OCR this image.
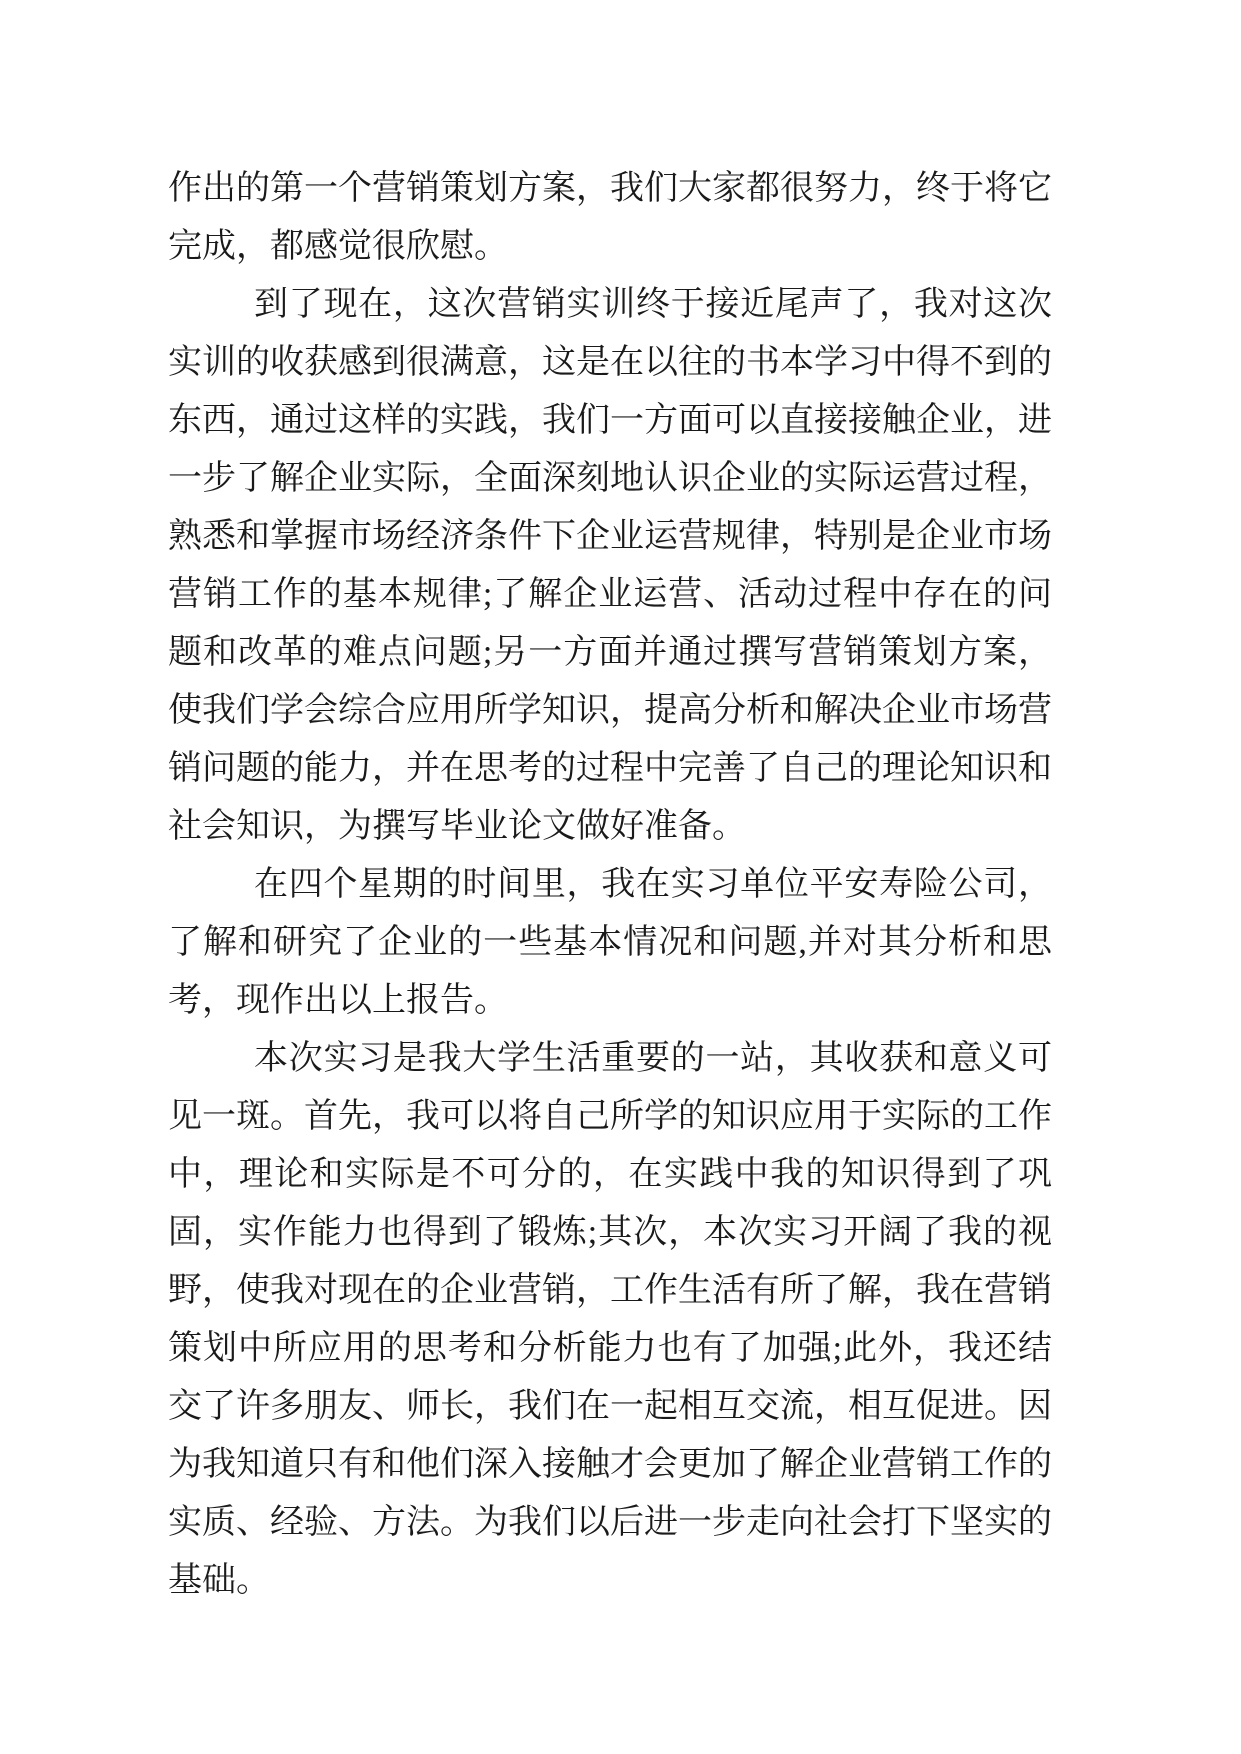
作出的第一个营销策划方案，我们大家都很努力，终于将它完成，都感觉很欣慰。

到了现在，这次营销实训终于接近尾声了，我对这次实训的收获感到很满意，这是在以往的书本学习中得不到的东西，通过这样的实践，我们一方面可以直接接触企业，进一步了解企业实际，全面深刻地认识企业的实际运营过程，熟悉和掌握市场经济条件下企业运营规律，特别是企业市场营销工作的基本规律;了解企业运营、活动过程中存在的问题和改革的难点问题;另一方面并通过撰写营销策划方案，使我们学会综合应用所学知识，提高分析和解决企业市场营销问题的能力，并在思考的过程中完善了自己的理论知识和社会知识，为撰写毕业论文做好准备。

在四个星期的时间里，我在实习单位平安寿险公司，了解和研究了企业的一些基本情况和问题,并对其分析和思考，现作出以上报告。

本次实习是我大学生活重要的一站，其收获和意义可见一斑。首先，我可以将自己所学的知识应用于实际的工作中，理论和实际是不可分的，在实践中我的知识得到了巩固，实作能力也得到了锻炼;其次，本次实习开阔了我的视野，使我对现在的企业营销，工作生活有所了解，我在营销策划中所应用的思考和分析能力也有了加强;此外，我还结交了许多朋友、师长，我们在一起相互交流，相互促进。因为我知道只有和他们深入接触才会更加了解企业营销工作的实质、经验、方法。为我们以后进一步走向社会打下坚实的基础。
